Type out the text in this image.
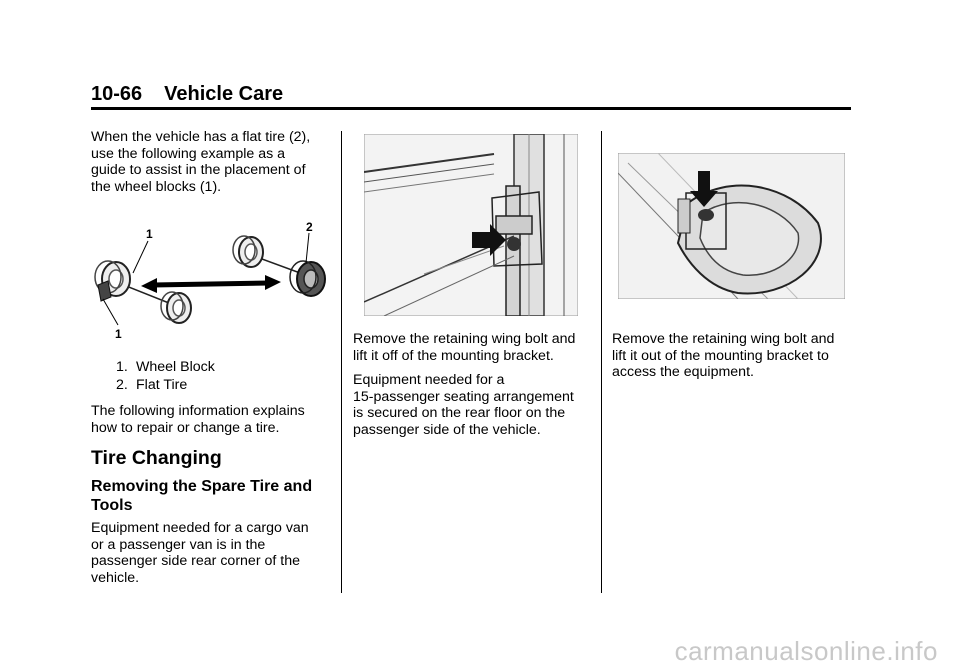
10-66 Vehicle Care

When the vehicle has a flat tire (2),

use the following example as a

guide to assist in the placement of

the wheel blocks (1).

1	2
1
1. Wheel Block
2. Flat Tire

The following information explains

how to repair or change a tire.

Tire Changing
Removing the Spare Tire and
Tools

Equipment needed for a cargo van

or a passenger van is in the

passenger side rear corner of the

vehicle.

Remove the retaining wing bolt and

lift it off of the mounting bracket.

Equipment needed for a

15-passenger seating arrangement

is secured on the rear floor on the

passenger side of the vehicle.

Remove the retaining wing bolt and

lift it out of the mounting bracket to

access the equipment.

carmanualsonline.info
